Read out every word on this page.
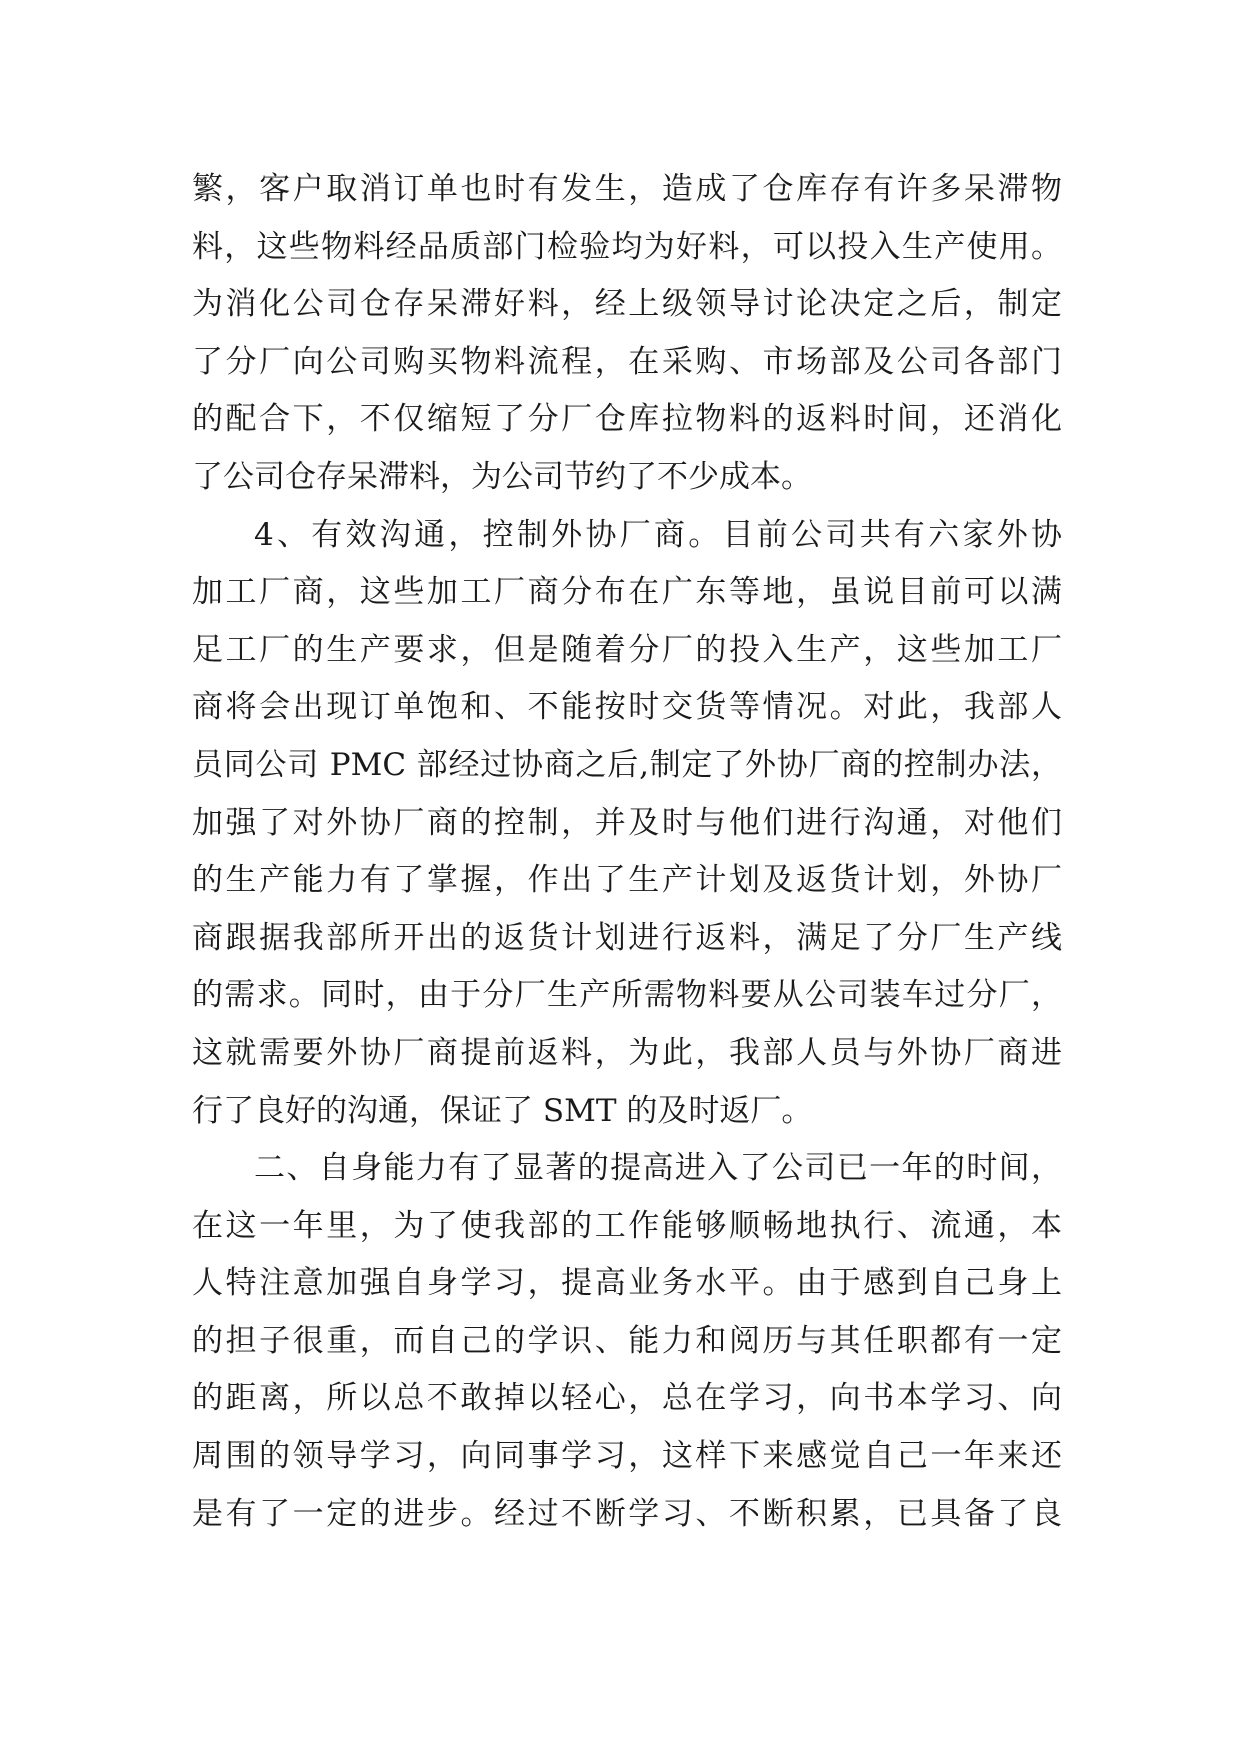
繁，客户取消订单也时有发生，造成了仓库存有许多呆滞物
料，这些物料经品质部门检验均为好料，可以投入生产使用。
为消化公司仓存呆滞好料，经上级领导讨论决定之后，制定
了分厂向公司购买物料流程，在采购、市场部及公司各部门
的配合下，不仅缩短了分厂仓库拉物料的返料时间，还消化
了公司仓存呆滞料，为公司节约了不少成本。
4、有效沟通，控制外协厂商。目前公司共有六家外协
加工厂商，这些加工厂商分布在广东等地，虽说目前可以满
足工厂的生产要求，但是随着分厂的投入生产，这些加工厂
商将会出现订单饱和、不能按时交货等情况。对此，我部人
员同公司 PMC 部经过协商之后,制定了外协厂商的控制办法，
加强了对外协厂商的控制，并及时与他们进行沟通，对他们
的生产能力有了掌握，作出了生产计划及返货计划，外协厂
商跟据我部所开出的返货计划进行返料，满足了分厂生产线
的需求。同时，由于分厂生产所需物料要从公司装车过分厂，
这就需要外协厂商提前返料，为此，我部人员与外协厂商进
行了良好的沟通，保证了 SMT 的及时返厂。
二、自身能力有了显著的提高进入了公司已一年的时间，
在这一年里，为了使我部的工作能够顺畅地执行、流通，本
人特注意加强自身学习，提高业务水平。由于感到自己身上
的担子很重，而自己的学识、能力和阅历与其任职都有一定
的距离，所以总不敢掉以轻心，总在学习，向书本学习、向
周围的领导学习，向同事学习，这样下来感觉自己一年来还
是有了一定的进步。经过不断学习、不断积累，已具备了良
